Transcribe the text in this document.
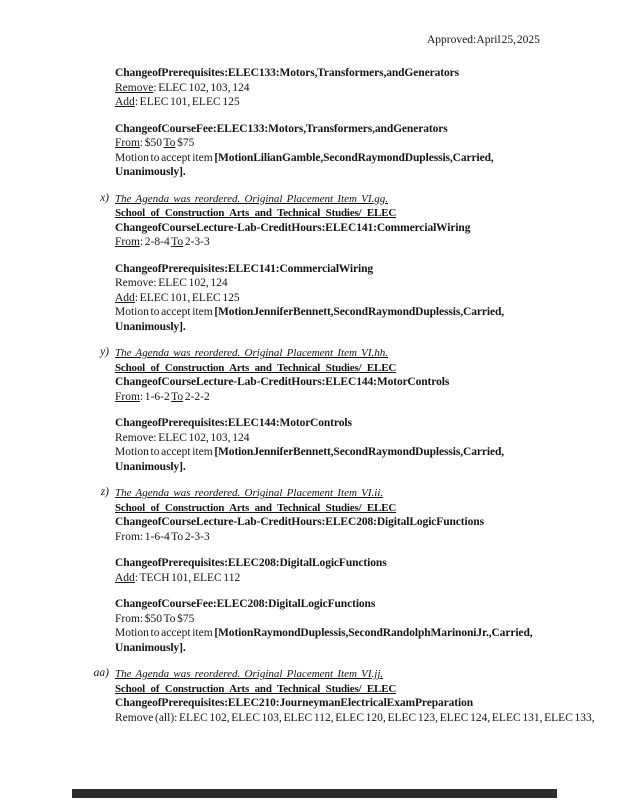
Approved: April 25, 2025
Change of Prerequisites: ELEC 133: Motors, Transformers, and Generators
Remove: ELEC 102, 103, 124
Add: ELEC 101, ELEC 125
Change of Course Fee: ELEC 133: Motors, Transformers, and Generators
From: $50 To $75
Motion to accept item [Motion Lilian Gamble, Second Raymond Duplessis, Carried,
Unanimously].
x) The Agenda was reordered. Original Placement Item VI.gg.
School of Construction Arts and Technical Studies/ ELEC
Change of Course Lecture-Lab-Credit Hours: ELEC 141 : Commercial Wiring
From: 2-8-4 To 2-3-3
Change of Prerequisites: ELEC 141: Commercial Wiring
Remove: ELEC 102, 124
Add: ELEC 101, ELEC 125
Motion to accept item [Motion Jennifer Bennett, Second Raymond Duplessis, Carried,
Unanimously].
y) The Agenda was reordered. Original Placement Item VI.hh.
School of Construction Arts and Technical Studies/ ELEC
Change of Course Lecture-Lab-Credit Hours: ELEC 144: Motor Controls
From: 1-6-2 To 2-2-2
Change of Prerequisites: ELEC 144: Motor Controls
Remove: ELEC 102, 103, 124
Motion to accept item [Motion Jennifer Bennett, Second Raymond Duplessis, Carried,
Unanimously].
z) The Agenda was reordered. Original Placement Item VI.ii.
School of Construction Arts and Technical Studies/ ELEC
Change of Course Lecture-Lab-Credit Hours: ELEC 208: Digital Logic Functions
From: 1-6-4 To 2-3-3
Change of Prerequisites: ELEC 208: Digital Logic Functions
Add: TECH 101, ELEC 112
Change of Course Fee: ELEC 208: Digital Logic Functions
From: $50 To $75
Motion to accept item [Motion Raymond Duplessis, Second Randolph Marinoni Jr., Carried,
Unanimously].
aa) The Agenda was reordered. Original Placement Item VI.jj.
School of Construction Arts and Technical Studies/ ELEC
Change of Prerequisites: ELEC 210: Journeyman Electrical Exam Preparation
Remove (all): ELEC 102, ELEC 103, ELEC 112, ELEC 120, ELEC 123, ELEC 124, ELEC 131, ELEC 133,
